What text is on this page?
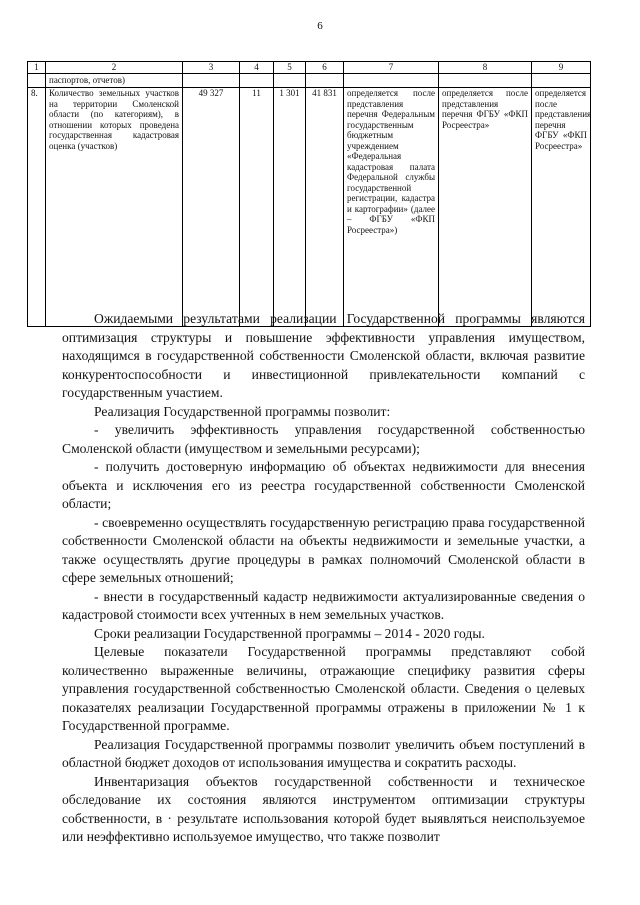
6
1	2	3	4	5	6	7	8	9
	паспортов, отчетов)							
8.	Количество земельных участков на территории Смоленской области (по категориям), в отношении которых проведена государственная кадастровая оценка (участков)	49 327	11	1 301	41 831	определяется после представления перечня Федеральным государственным бюджетным учреждением «Федеральная кадастровая палата Федеральной службы государственной регистрации, кадастра и картографии» (далее – ФГБУ «ФКП Росреестра»)	определяется после представления перечня ФГБУ «ФКП Росреестра»	определяется после представления перечня ФГБУ «ФКП Росреестра»

Ожидаемыми результатами реализации Государственной программы являются оптимизация структуры и повышение эффективности управления имуществом, находящимся в государственной собственности Смоленской области, включая развитие конкурентоспособности и инвестиционной привлекательности компаний с государственным участием.

Реализация Государственной программы позволит:

- увеличить эффективность управления государственной собственностью Смоленской области (имуществом и земельными ресурсами);

- получить достоверную информацию об объектах недвижимости для внесения объекта и исключения его из реестра государственной собственности Смоленской области;

- своевременно осуществлять государственную регистрацию права государственной собственности Смоленской области на объекты недвижимости и земельные участки, а также осуществлять другие процедуры в рамках полномочий Смоленской области в сфере земельных отношений;

- внести в государственный кадастр недвижимости актуализированные сведения о кадастровой стоимости всех учтенных в нем земельных участков.

Сроки реализации Государственной программы – 2014 - 2020 годы.

Целевые показатели Государственной программы представляют собой количественно выраженные величины, отражающие специфику развития сферы управления государственной собственностью Смоленской области. Сведения о целевых показателях реализации Государственной программы отражены в приложении № 1 к Государственной программе.

Реализация Государственной программы позволит увеличить объем поступлений в областной бюджет доходов от использования имущества и сократить расходы.

Инвентаризация объектов государственной собственности и техническое обследование их состояния являются инструментом оптимизации структуры собственности, в · результате использования которой будет выявляться неиспользуемое или неэффективно используемое имущество, что также позволит
